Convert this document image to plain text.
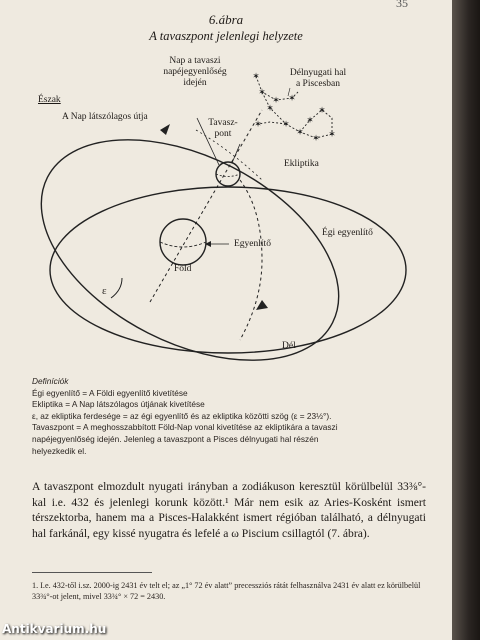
35
6.ábra
A tavaszpont jelenlegi helyzete
✶
✶
✶ ✶
✶
✶
✶
✶ ✶
✶
✶
✶
Észak
A Nap látszólagos útja
Nap a tavaszi
napéjegyenlőség
idején
Délnyugati hal
a Piscesban
Tavasz-
pont
Ekliptika
Égi egyenlítő
Egyenlítő
Föld
ε
Dél
Definíciók
Égi egyenlítő = A Földi egyenlítő kivetítése
Ekliptika = A Nap látszólagos útjának kivetítése
ε, az ekliptika ferdesége = az égi egyenlítő és az ekliptika közötti szög (ε = 23½°).
Tavaszpont = A meghosszabbított Föld-Nap vonal kivetítése az ekliptikára a tavaszi
napéjegyenlőség idején. Jelenleg a tavaszpont a Pisces délnyugati hal részén
helyezkedik el.
A tavaszpont elmozdult nyugati irányban a zodiákuson keresztül körülbelül 33⅜°-kal i.e. 432 és jelenlegi korunk között.¹ Már nem esik az Aries-Kosként ismert térszektorba, hanem ma a Pisces-Halakként ismert régióban található, a délnyugati hal farkánál, egy kissé nyugatra és lefelé a ω Piscium csillagtól (7. ábra).
1. I.e. 432-től i.sz. 2000-ig 2431 év telt el; az „1° 72 év alatt” precessziós rátát felhasználva 2431 év alatt ez körülbelül 33¾°-ot jelent, mivel 33¾° × 72 = 2430.
Antikvarium.hu
